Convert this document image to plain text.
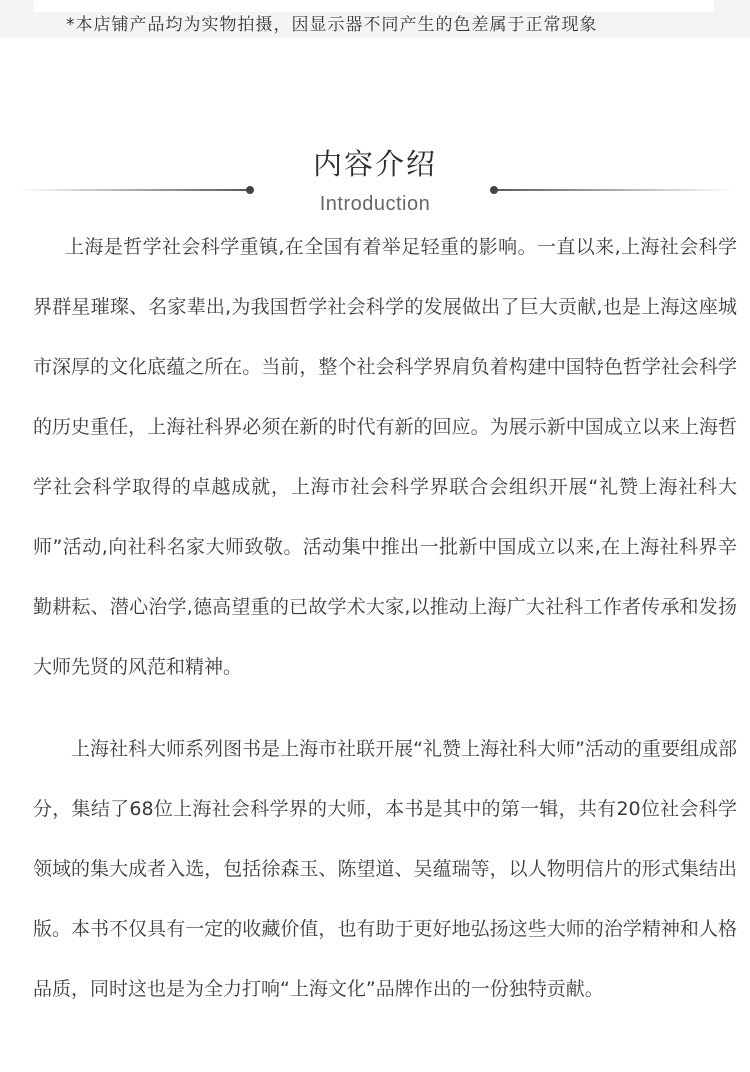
*本店铺产品均为实物拍摄，因显示器不同产生的色差属于正常现象
内容介绍
Introduction

上海是哲学社会科学重镇,在全国有着举足轻重的影响。一直以来,上海社会科学界群星璀璨、名家辈出,为我国哲学社会科学的发展做出了巨大贡献,也是上海这座城市深厚的文化底蕴之所在。当前，整个社会科学界肩负着构建中国特色哲学社会科学的历史重任，上海社科界必须在新的时代有新的回应。为展示新中国成立以来上海哲学社会科学取得的卓越成就，上海市社会科学界联合会组织开展“礼赞上海社科大师”活动,向社科名家大师致敬。活动集中推出一批新中国成立以来,在上海社科界辛勤耕耘、潜心治学,德高望重的已故学术大家,以推动上海广大社科工作者传承和发扬大师先贤的风范和精神。

上海社科大师系列图书是上海市社联开展“礼赞上海社科大师”活动的重要组成部分，集结了68位上海社会科学界的大师，本书是其中的第一辑，共有20位社会科学领域的集大成者入选，包括徐森玉、陈望道、吴蕴瑞等，以人物明信片的形式集结出版。本书不仅具有一定的收藏价值，也有助于更好地弘扬这些大师的治学精神和人格品质，同时这也是为全力打响“上海文化”品牌作出的一份独特贡献。
